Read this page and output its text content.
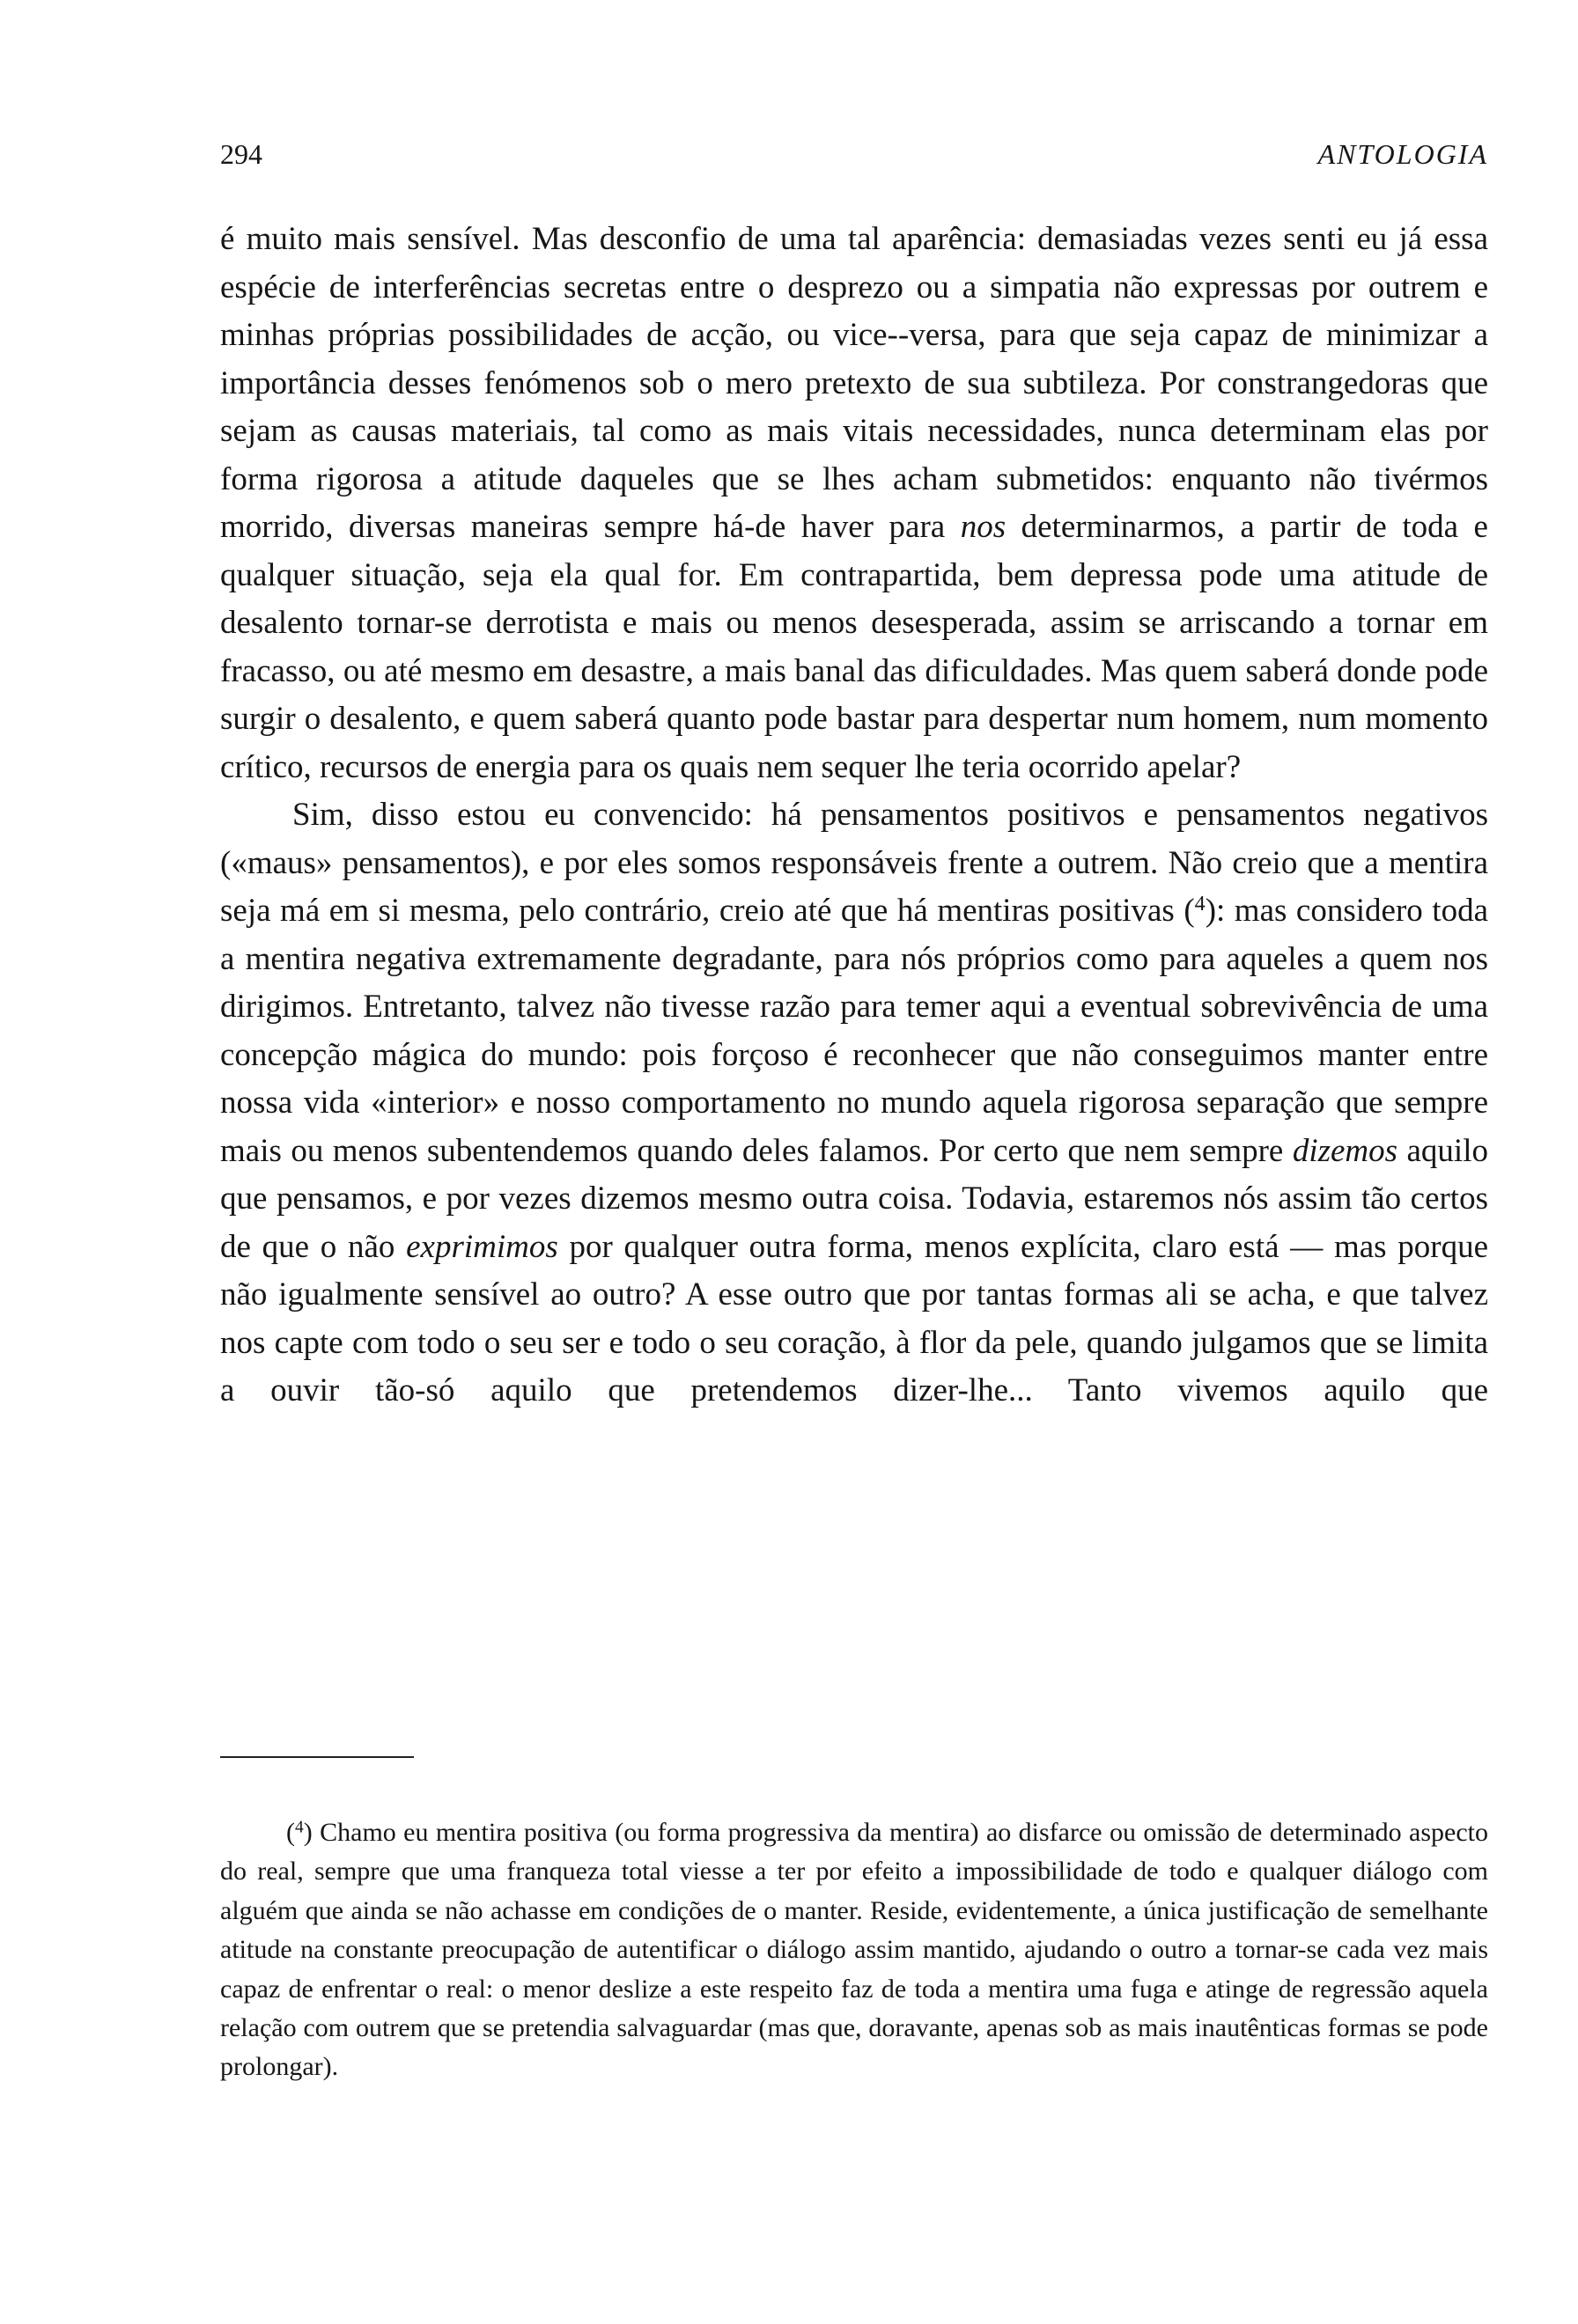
294	ANTOLOGIA

é muito mais sensível. Mas desconfio de uma tal aparência: demasiadas vezes senti eu já essa espécie de interferências secretas entre o desprezo ou a simpatia não expressas por outrem e minhas próprias possibilidades de acção, ou vice--versa, para que seja capaz de minimizar a importância desses fenómenos sob o mero pretexto de sua subtileza. Por constrangedoras que sejam as causas materiais, tal como as mais vitais necessidades, nunca determinam elas por forma rigorosa a atitude daqueles que se lhes acham submetidos: enquanto não tivérmos morrido, diversas maneiras sempre há-de haver para nos determinarmos, a partir de toda e qualquer situação, seja ela qual for. Em contrapartida, bem depressa pode uma atitude de desalento tornar-se derrotista e mais ou menos desesperada, assim se arriscando a tornar em fracasso, ou até mesmo em desastre, a mais banal das dificuldades. Mas quem saberá donde pode surgir o desalento, e quem saberá quanto pode bastar para despertar num homem, num momento crítico, recursos de energia para os quais nem sequer lhe teria ocorrido apelar?

Sim, disso estou eu convencido: há pensamentos positivos e pensamentos negativos («maus» pensamentos), e por eles somos responsáveis frente a outrem. Não creio que a mentira seja má em si mesma, pelo contrário, creio até que há mentiras positivas ($^4$): mas considero toda a mentira negativa extremamente degradante, para nós próprios como para aqueles a quem nos dirigimos. Entretanto, talvez não tivesse razão para temer aqui a eventual sobrevivência de uma concepção mágica do mundo: pois forçoso é reconhecer que não conseguimos manter entre nossa vida «interior» e nosso comportamento no mundo aquela rigorosa separação que sempre mais ou menos subentendemos quando deles falamos. Por certo que nem sempre dizemos aquilo que pensamos, e por vezes dizemos mesmo outra coisa. Todavia, estaremos nós assim tão certos de que o não exprimimos por qualquer outra forma, menos explícita, claro está — mas porque não igualmente sensível ao outro? A esse outro que por tantas formas ali se acha, e que talvez nos capte com todo o seu ser e todo o seu coração, à flor da pele, quando julgamos que se limita a ouvir tão-só aquilo que pretendemos dizer-lhe... Tanto vivemos aquilo que

($^4$) Chamo eu mentira positiva (ou forma progressiva da mentira) ao disfarce ou omissão de determinado aspecto do real, sempre que uma franqueza total viesse a ter por efeito a impossibilidade de todo e qualquer diálogo com alguém que ainda se não achasse em condições de o manter. Reside, evidentemente, a única justificação de semelhante atitude na constante preocupação de autentificar o diálogo assim mantido, ajudando o outro a tornar-se cada vez mais capaz de enfrentar o real: o menor deslize a este respeito faz de toda a mentira uma fuga e atinge de regressão aquela relação com outrem que se pretendia salvaguardar (mas que, doravante, apenas sob as mais inautênticas formas se pode prolongar).
